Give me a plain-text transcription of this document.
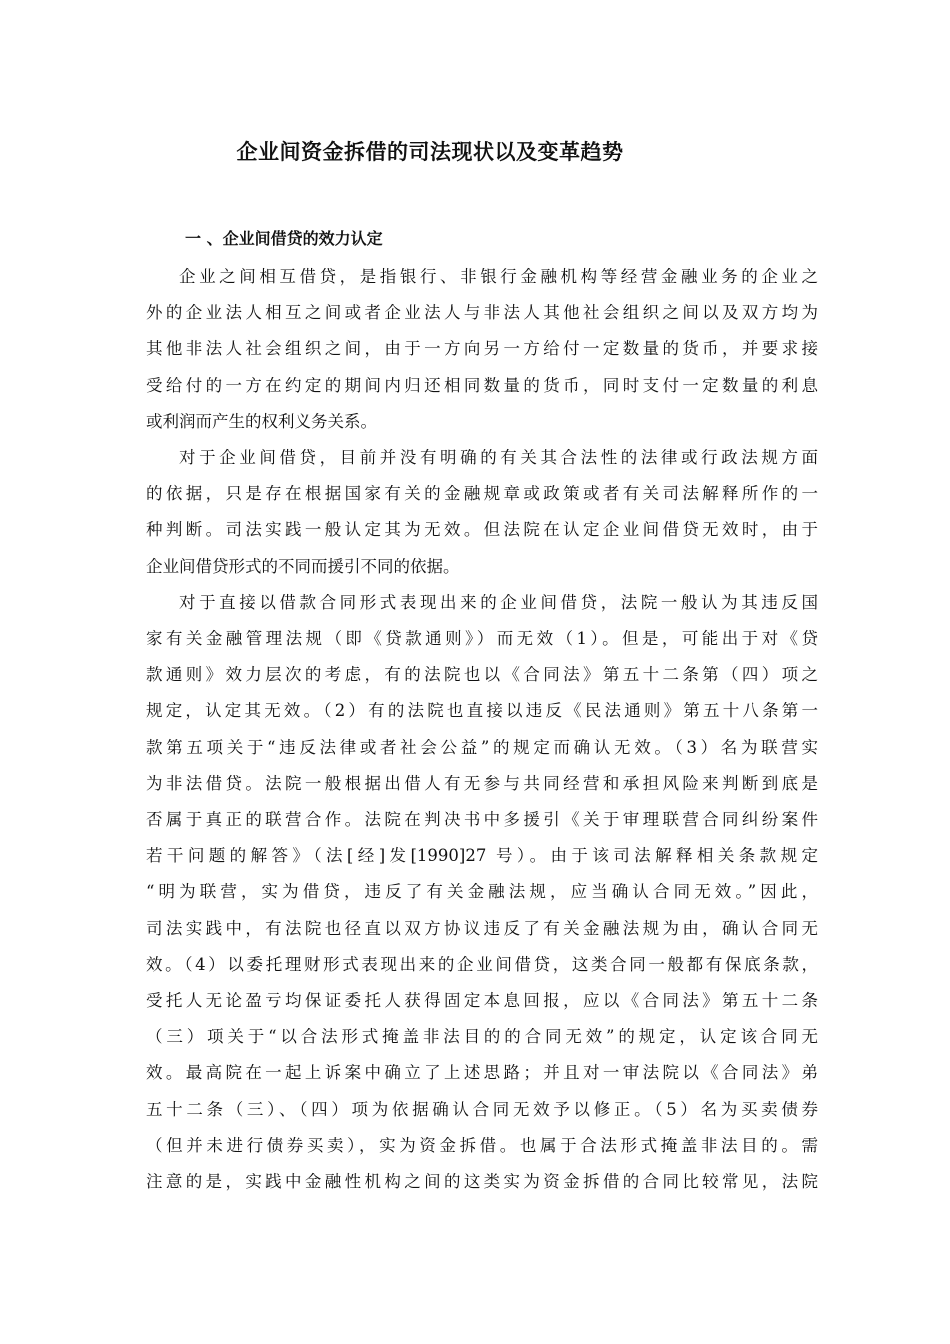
企业间资金拆借的司法现状以及变革趋势
一 、企业间借贷的效力认定

企业之间相互借贷，是指银行、非银行金融机构等经营金融业务的企业之
外的企业法人相互之间或者企业法人与非法人其他社会组织之间以及双方均为
其他非法人社会组织之间，由于一方向另一方给付一定数量的货币，并要求接
受给付的一方在约定的期间内归还相同数量的货币，同时支付一定数量的利息
或利润而产生的权利义务关系。

对于企业间借贷，目前并没有明确的有关其合法性的法律或行政法规方面
的依据，只是存在根据国家有关的金融规章或政策或者有关司法解释所作的一
种判断。司法实践一般认定其为无效。但法院在认定企业间借贷无效时，由于
企业间借贷形式的不同而援引不同的依据。

对于直接以借款合同形式表现出来的企业间借贷，法院一般认为其违反国
家有关金融管理法规（即《贷款通则》）而无效（1）。但是，可能出于对《贷
款通则》效力层次的考虑，有的法院也以《合同法》第五十二条第（四）项之
规定，认定其无效。（2）有的法院也直接以违反《民法通则》第五十八条第一
款第五项关于“违反法律或者社会公益”的规定而确认无效。（3）名为联营实
为非法借贷。法院一般根据出借人有无参与共同经营和承担风险来判断到底是
否属于真正的联营合作。法院在判决书中多援引《关于审理联营合同纠纷案件
若干问题的解答》（法[经]发[1990]27 号）。由于该司法解释相关条款规定
“明为联营，实为借贷，违反了有关金融法规，应当确认合同无效。”因此，
司法实践中，有法院也径直以双方协议违反了有关金融法规为由，确认合同无
效。（4）以委托理财形式表现出来的企业间借贷，这类合同一般都有保底条款，
受托人无论盈亏均保证委托人获得固定本息回报，应以《合同法》第五十二条
（三）项关于“以合法形式掩盖非法目的的合同无效”的规定，认定该合同无
效。最高院在一起上诉案中确立了上述思路；并且对一审法院以《合同法》弟
五十二条（三）、（四）项为依据确认合同无效予以修正。（5）名为买卖债券
（但并未进行债券买卖），实为资金拆借。也属于合法形式掩盖非法目的。需
注意的是，实践中金融性机构之间的这类实为资金拆借的合同比较常见，法院
